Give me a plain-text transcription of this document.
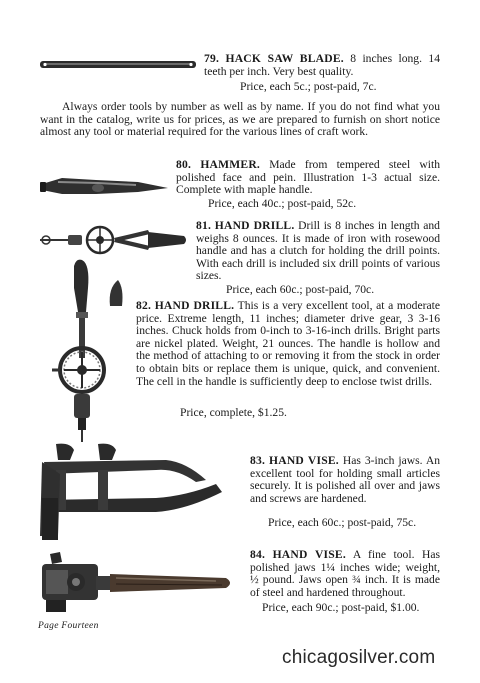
79. HACK SAW BLADE. 8 inches long. 14 teeth per inch. Very best quality.
Price, each 5c.; post-paid, 7c.
Always order tools by number as well as by name. If you do not find what you want in the catalog, write us for prices, as we are prepared to furnish on short notice almost any tool or material required for the various lines of craft work.
80. HAMMER. Made from tempered steel with polished face and pein. Illustration 1-3 actual size. Complete with maple handle.
Price, each 40c.; post-paid, 52c.
81. HAND DRILL. Drill is 8 inches in length and weighs 8 ounces. It is made of iron with rosewood handle and has a clutch for holding the drill points. With each drill is included six drill points of various sizes.
Price, each 60c.; post-paid, 70c.
82. HAND DRILL. This is a very excellent tool, at a moderate price. Extreme length, 11 inches; diameter drive gear, 3 3-16 inches. Chuck holds from 0-inch to 3-16-inch drills. Bright parts are nickel plated. Weight, 21 ounces. The handle is hollow and the method of attaching to or removing it from the stock in order to obtain bits or replace them is unique, quick, and convenient. The cell in the handle is sufficiently deep to enclose twist drills.
Price, complete, $1.25.
83. HAND VISE. Has 3-inch jaws. An excellent tool for holding small articles securely. It is polished all over and jaws and screws are hardened.
Price, each 60c.; post-paid, 75c.
84. HAND VISE. A fine tool. Has polished jaws 1¼ inches wide; weight, ½ pound. Jaws open ¾ inch. It is made of steel and hardened throughout.
Price, each 90c.; post-paid, $1.00.
Page Fourteen
chicagosilver.com
